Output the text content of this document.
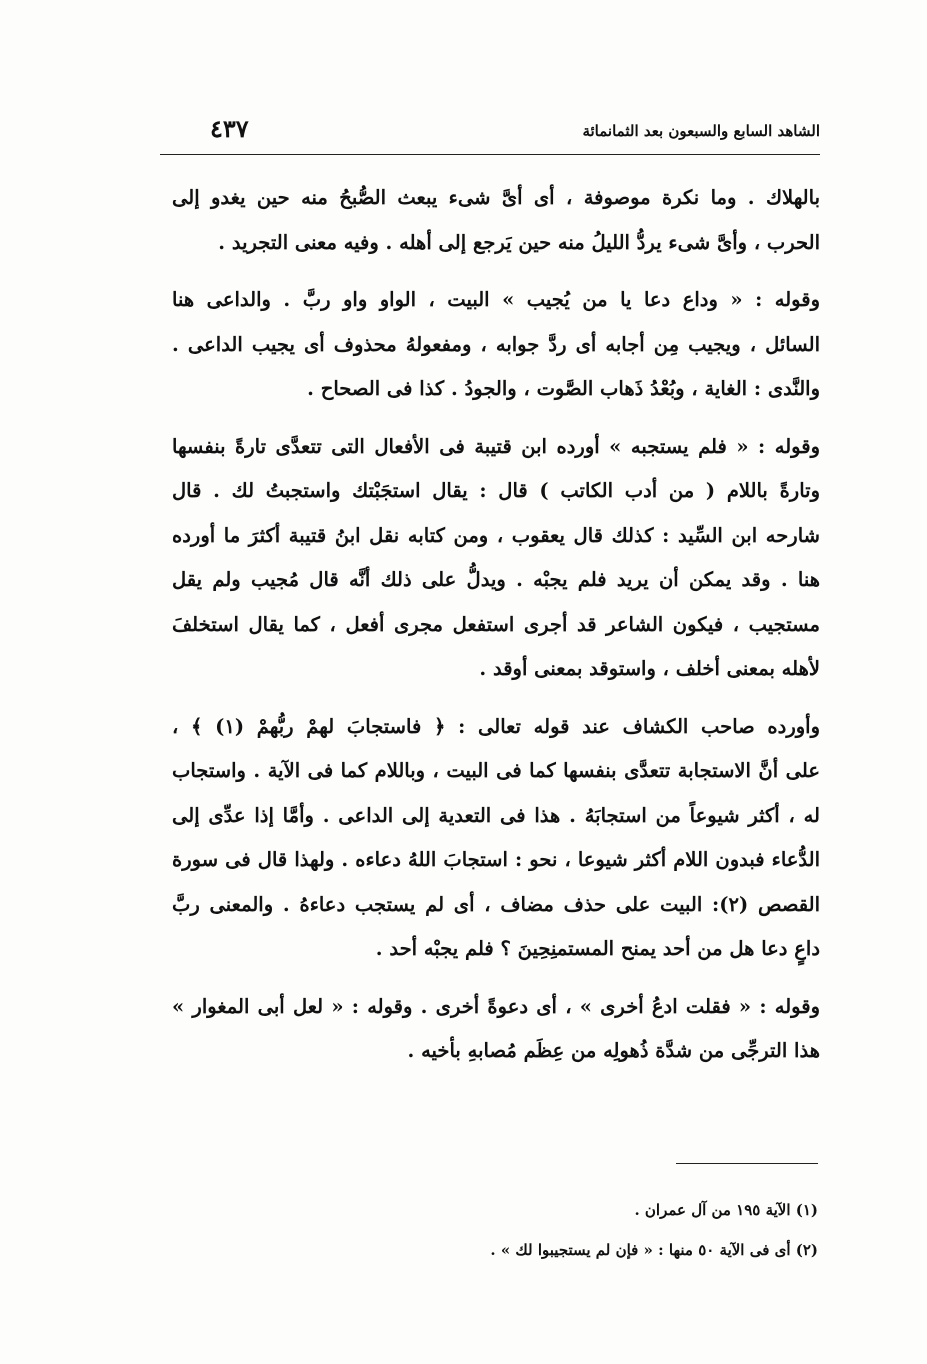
الشاهد السابع والسبعون بعد الثمانمائة
٤٣٧
بالهلاك . وما نكرة موصوفة ، أى أىَّ شىء يبعث الصُّبحُ منه حين يغدو إلى
الحرب ، وأىَّ شىء يردُّ الليلُ منه حين يَرجع إلى أهله . وفيه معنى التجريد .
وقوله : « وداع دعا يا من يُجيب » البيت ، الواو واو ربَّ . والداعى هنا
السائل ، ويجيب مِن أجابه أى ردَّ جوابه ، ومفعولهُ محذوف أى يجيب الداعى .
والنَّدى : الغاية ، وبُعْدُ ذَهاب الصَّوت ، والجودُ . كذا فى الصحاح .
وقوله : « فلم يستجبه » أورده ابن قتيبة فى الأفعال التى تتعدَّى تارةً بنفسها
وتارةً باللام ( من أدب الكاتب ) قال : يقال استجَبْتك واستجبتُ لك . قال
شارحه ابن السِّيد : كذلك قال يعقوب ، ومن كتابه نقل ابنُ قتيبة أكثرَ ما أورده
هنا . وقد يمكن أن يريد فلم يجبْه . ويدلُّ على ذلك أنَّه قال مُجيب ولم يقل
مستجيب ، فيكون الشاعر قد أجرى استفعل مجرى أفعل ، كما يقال استخلفَ
لأهله بمعنى أخلف ، واستوقد بمعنى أوقد .
وأورده صاحب الكشاف عند قوله تعالى : ﴿ فاستجابَ لهمْ ربُّهمْ (١) ﴾ ،
على أنَّ الاستجابة تتعدَّى بنفسها كما فى البيت ، وباللام كما فى الآية . واستجاب
له ، أكثر شيوعاً من استجابَهُ . هذا فى التعدية إلى الداعى . وأمَّا إذا عدِّى إلى
الدُّعاء فبدون اللام أكثر شيوعا ، نحو : استجابَ اللهُ دعاءه . ولهذا قال فى سورة
القصص (٢): البيت على حذف مضاف ، أى لم يستجب دعاءهُ . والمعنى ربَّ
داعٍ دعا هل من أحد يمنح المستمنِحِينَ ؟ فلم يجبْه أحد .
وقوله : « فقلت ادعُ أخرى » ، أى دعوةً أخرى . وقوله : « لعل أبى المغوار »
هذا الترجِّى من شدَّة ذُهولِه من عِظَم مُصابهِ بأخيه .
(١) الآية ١٩٥ من آل عمران .
(٢) أى فى الآية ٥٠ منها : « فإن لم يستجيبوا لك » .
